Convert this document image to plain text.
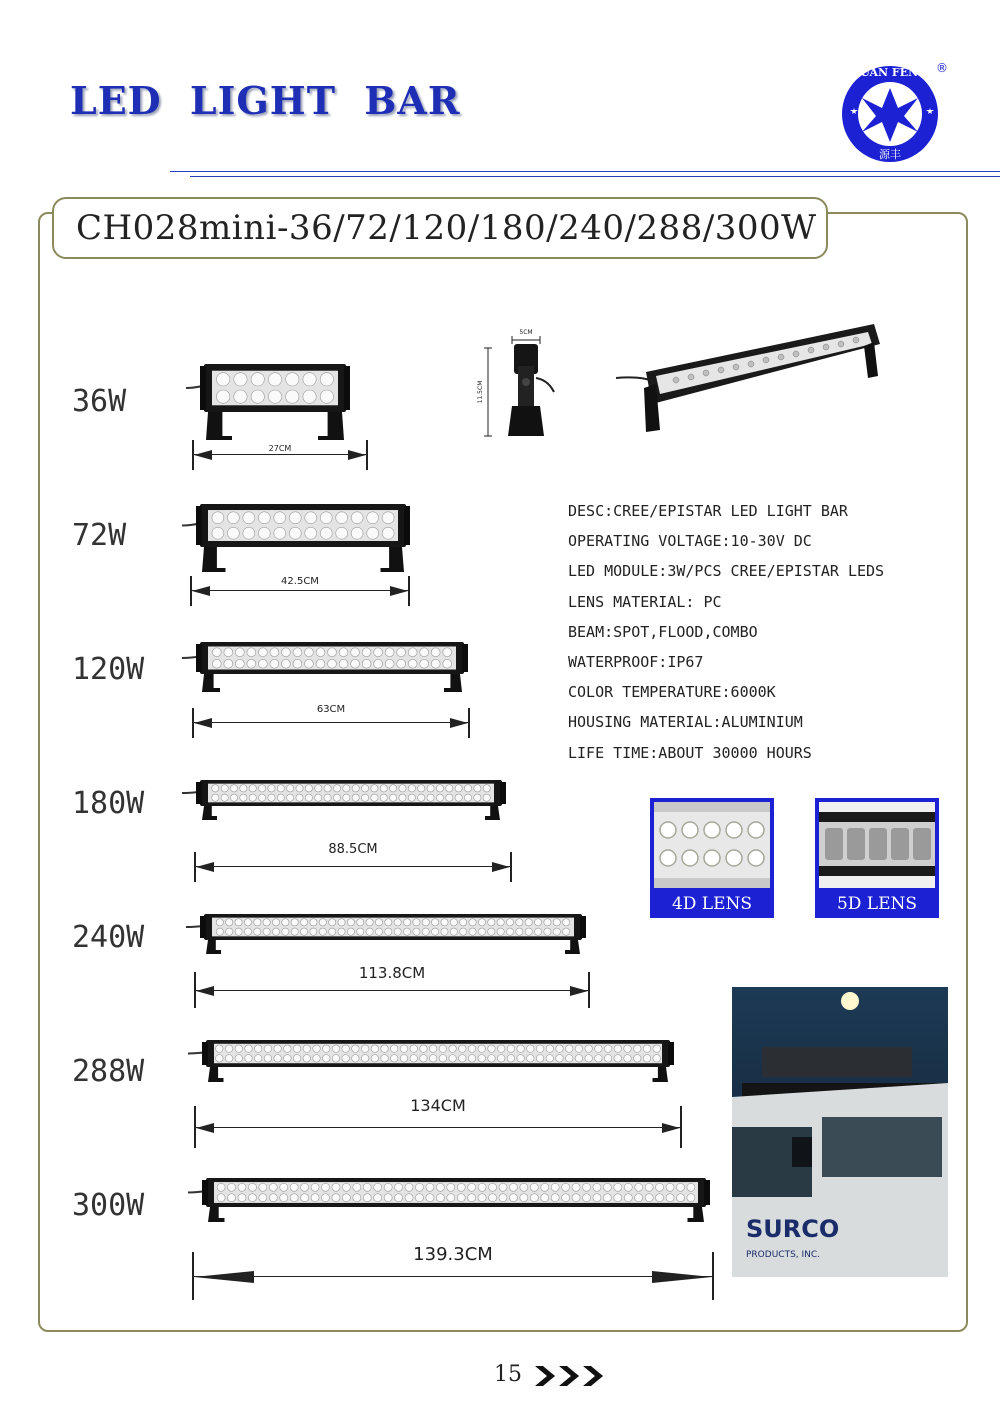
LED LIGHT BAR
YUAN FENG
源丰
®
CH028mini-36/72/120/180/240/288/300W
36W
72W
120W
180W
240W
288W
300W
27CM
42.5CM
63CM
88.5CM
113.8CM
134CM
139.3CM
5CM
11.5CM
DESC:CREE/EPISTAR LED LIGHT BAR
OPERATING VOLTAGE:10-30V DC
LED MODULE:3W/PCS CREE/EPISTAR LEDS
LENS MATERIAL: PC
BEAM:SPOT,FLOOD,COMBO
WATERPROOF:IP67
COLOR TEMPERATURE:6000K
HOUSING MATERIAL:ALUMINIUM
LIFE TIME:ABOUT 30000 HOURS
4D LENS	5D LENS
SURCO
PRODUCTS, INC.
15
